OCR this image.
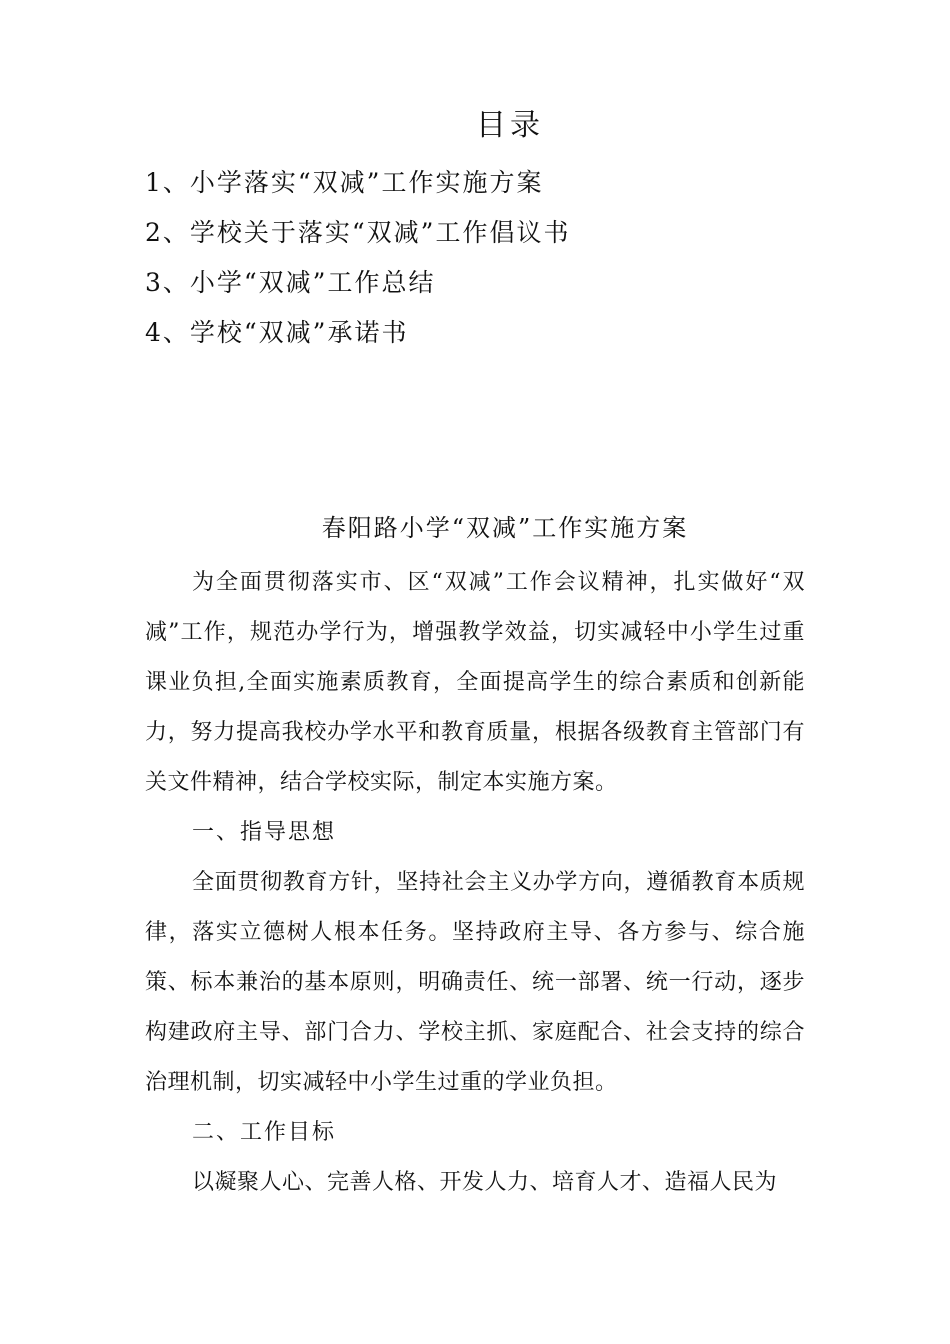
目录
1、小学落实“双减”工作实施方案
2、学校关于落实“双减”工作倡议书
3、小学“双减”工作总结
4、学校“双减”承诺书
春阳路小学“双减”工作实施方案

为全面贯彻落实市、区“双减”工作会议精神，扎实做好“双减”工作，规范办学行为，增强教学效益，切实减轻中小学生过重课业负担,全面实施素质教育，全面提高学生的综合素质和创新能力，努力提高我校办学水平和教育质量，根据各级教育主管部门有关文件精神，结合学校实际，制定本实施方案。

一、指导思想

全面贯彻教育方针，坚持社会主义办学方向，遵循教育本质规律，落实立德树人根本任务。坚持政府主导、各方参与、综合施策、标本兼治的基本原则，明确责任、统一部署、统一行动，逐步构建政府主导、部门合力、学校主抓、家庭配合、社会支持的综合治理机制，切实减轻中小学生过重的学业负担。

二、工作目标

以凝聚人心、完善人格、开发人力、培育人才、造福人民为
